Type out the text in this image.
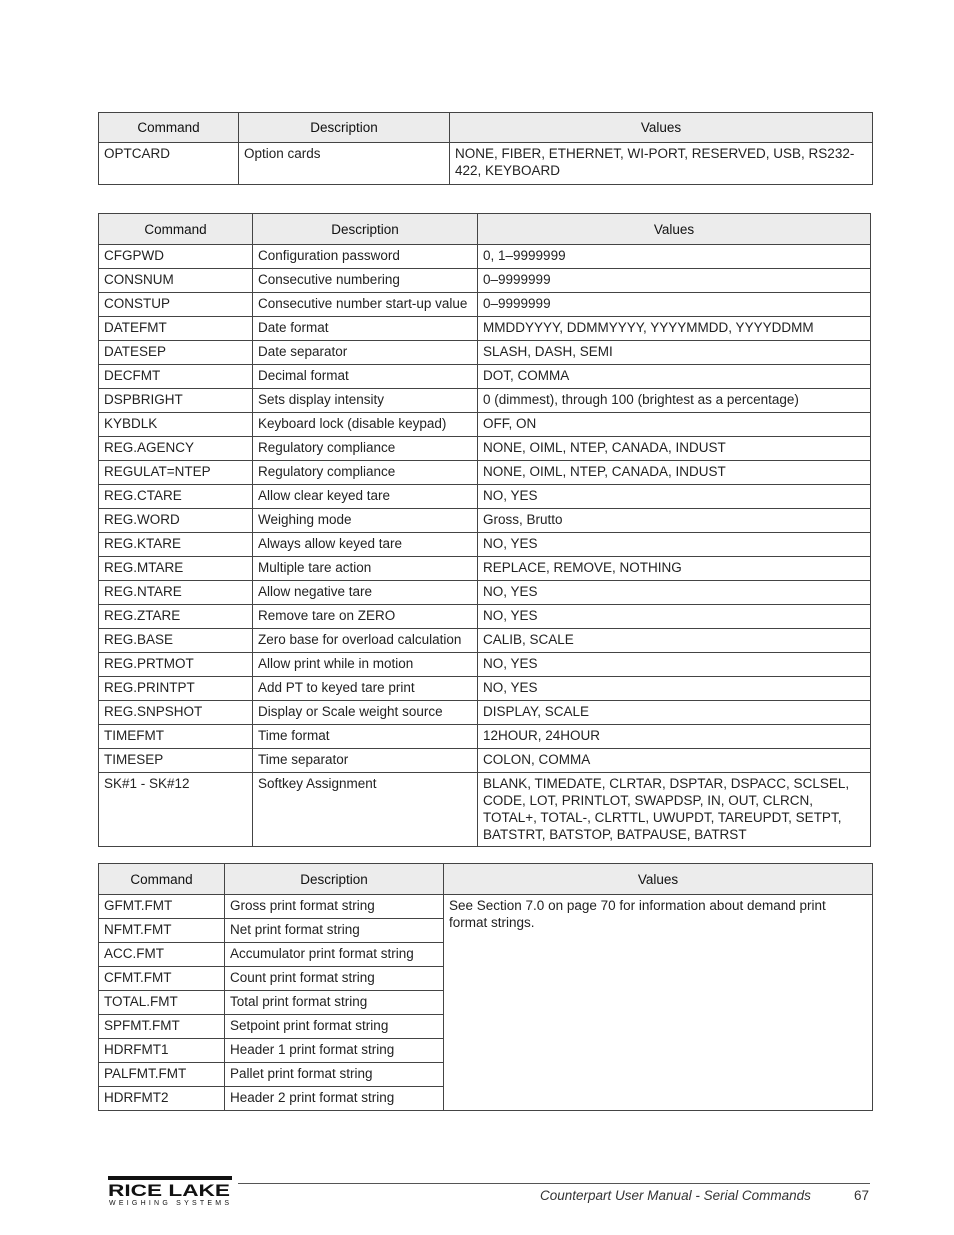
Command	Description	Values
OPTCARD	Option cards	NONE, FIBER, ETHERNET, WI-PORT, RESERVED, USB, RS232-422, KEYBOARD
Command	Description	Values
CFGPWD	Configuration password	0, 1–9999999
CONSNUM	Consecutive numbering	0–9999999
CONSTUP	Consecutive number start-up value	0–9999999
DATEFMT	Date format	MMDDYYYY, DDMMYYYY, YYYYMMDD, YYYYDDMM
DATESEP	Date separator	SLASH, DASH, SEMI
DECFMT	Decimal format	DOT, COMMA
DSPBRIGHT	Sets display intensity	0 (dimmest), through 100 (brightest as a percentage)
KYBDLK	Keyboard lock (disable keypad)	OFF, ON
REG.AGENCY	Regulatory compliance	NONE, OIML, NTEP, CANADA, INDUST
REGULAT=NTEP	Regulatory compliance	NONE, OIML, NTEP, CANADA, INDUST
REG.CTARE	Allow clear keyed tare	NO, YES
REG.WORD	Weighing mode	Gross, Brutto
REG.KTARE	Always allow keyed tare	NO, YES
REG.MTARE	Multiple tare action	REPLACE, REMOVE, NOTHING
REG.NTARE	Allow negative tare	NO, YES
REG.ZTARE	Remove tare on ZERO	NO, YES
REG.BASE	Zero base for overload calculation	CALIB, SCALE
REG.PRTMOT	Allow print while in motion	NO, YES
REG.PRINTPT	Add PT to keyed tare print	NO, YES
REG.SNPSHOT	Display or Scale weight source	DISPLAY, SCALE
TIMEFMT	Time format	12HOUR, 24HOUR
TIMESEP	Time separator	COLON, COMMA
SK#1 - SK#12	Softkey Assignment	BLANK, TIMEDATE, CLRTAR, DSPTAR, DSPACC, SCLSEL, CODE, LOT, PRINTLOT, SWAPDSP, IN, OUT, CLRCN, TOTAL+, TOTAL-, CLRTTL, UWUPDT, TAREUPDT, SETPT, BATSTRT, BATSTOP, BATPAUSE, BATRST
Command	Description	Values
GFMT.FMT	Gross print format string	See Section 7.0 on page 70 for information about demand print format strings.
NFMT.FMT	Net print format string	
ACC.FMT	Accumulator print format string	
CFMT.FMT	Count print format string	
TOTAL.FMT	Total print format string	
SPFMT.FMT	Setpoint print format string	
HDRFMT1	Header 1 print format string	
PALFMT.FMT	Pallet print format string	
HDRFMT2	Header 2 print format string	
RICE LAKE
WEIGHING SYSTEMS
Counterpart User Manual - Serial Commands	67
